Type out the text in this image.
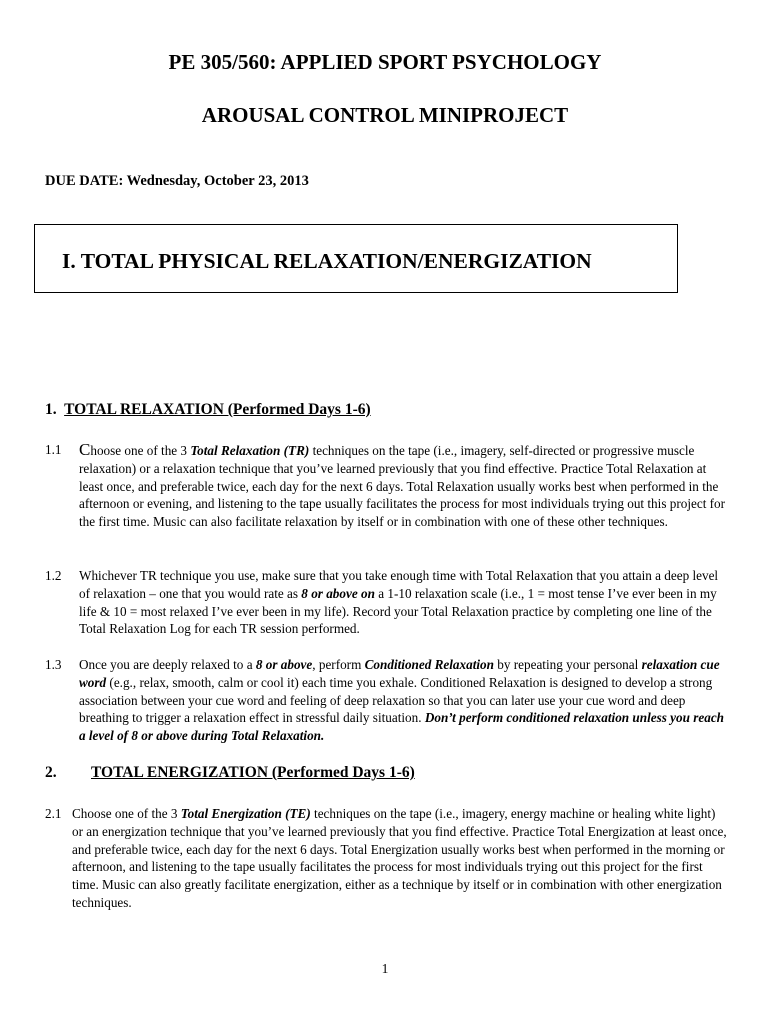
PE 305/560: APPLIED SPORT PSYCHOLOGY
AROUSAL CONTROL MINIPROJECT
DUE DATE: Wednesday, October 23, 2013
I. TOTAL PHYSICAL RELAXATION/ENERGIZATION
1. TOTAL RELAXATION (Performed Days 1-6)
1.1 Choose one of the 3 Total Relaxation (TR) techniques on the tape (i.e., imagery, self-directed or progressive muscle relaxation) or a relaxation technique that you’ve learned previously that you find effective. Practice Total Relaxation at least once, and preferable twice, each day for the next 6 days. Total Relaxation usually works best when performed in the afternoon or evening, and listening to the tape usually facilitates the process for most individuals trying out this project for the first time. Music can also facilitate relaxation by itself or in combination with one of these other techniques.
1.2 Whichever TR technique you use, make sure that you take enough time with Total Relaxation that you attain a deep level of relaxation – one that you would rate as 8 or above on a 1-10 relaxation scale (i.e., 1 = most tense I’ve ever been in my life & 10 = most relaxed I’ve ever been in my life). Record your Total Relaxation practice by completing one line of the Total Relaxation Log for each TR session performed.
1.3 Once you are deeply relaxed to a 8 or above, perform Conditioned Relaxation by repeating your personal relaxation cue word (e.g., relax, smooth, calm or cool it) each time you exhale. Conditioned Relaxation is designed to develop a strong association between your cue word and feeling of deep relaxation so that you can later use your cue word and deep breathing to trigger a relaxation effect in stressful daily situation. Don’t perform conditioned relaxation unless you reach a level of 8 or above during Total Relaxation.
2. TOTAL ENERGIZATION (Performed Days 1-6)
2.1 Choose one of the 3 Total Energization (TE) techniques on the tape (i.e., imagery, energy machine or healing white light) or an energization technique that you’ve learned previously that you find effective. Practice Total Energization at least once, and preferable twice, each day for the next 6 days. Total Energization usually works best when performed in the morning or afternoon, and listening to the tape usually facilitates the process for most individuals trying out this project for the first time. Music can also greatly facilitate energization, either as a technique by itself or in combination with other energization techniques.
1
